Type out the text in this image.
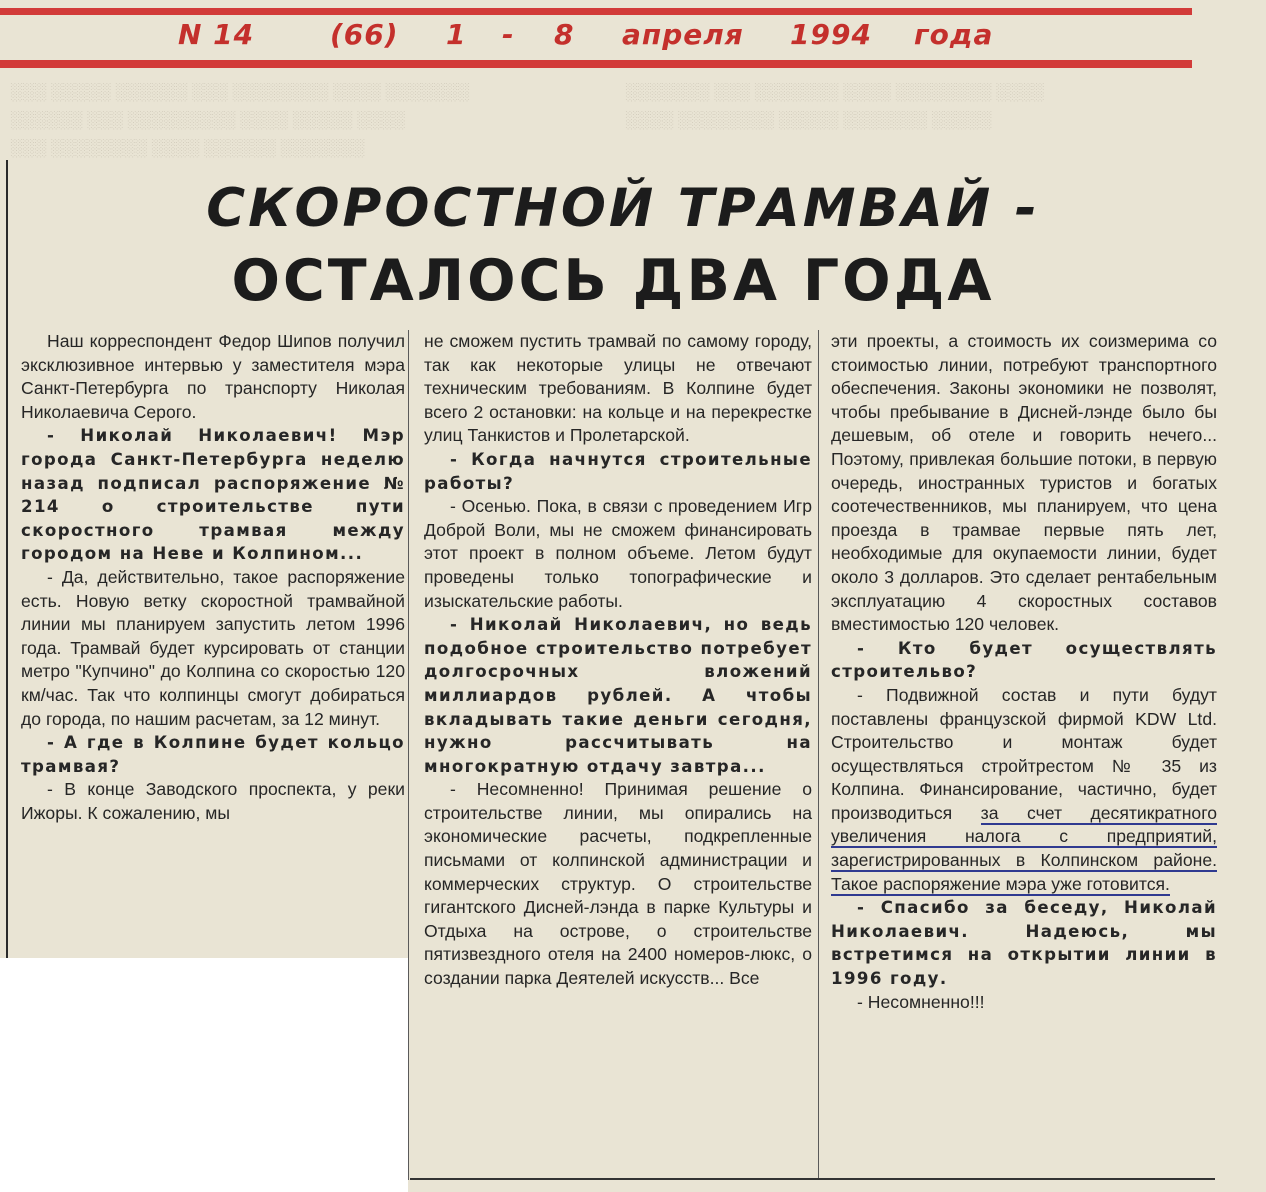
░░░ ░░░░░ ░░░░░░ ░░░ ░░░░░░░░ ░░░░ ░░░░░░░
░░░░░░ ░░░ ░░░░░░░░░ ░░░░ ░░░░░ ░░░░
░░░ ░░░░░░░░ ░░░░ ░░░░░░ ░░░░░░░
░░░░░░░ ░░░ ░░░░░░░ ░░░░ ░░░░░░░░ ░░░░
░░░░ ░░░░░░░░ ░░░░░ ░░░░░░░ ░░░░░
N 14	(66)	1	-	8	апреля	1994	года
СКОРОСТНОЙ ТРАМВАЙ -
ОСТАЛОСЬ ДВА ГОДА

Наш корреспондент Федор Шипов получил эксклюзивное интервью у заместителя мэра Санкт-Петербурга по транспорту Николая Николаевича Серого.

- Николай Николаевич! Мэр города Санкт-Петербурга неделю назад подписал распоряжение № 214 о строительстве пути скоростного трамвая между городом на Неве и Колпином...

- Да, действительно, такое распоряжение есть. Новую ветку скоростной трамвайной линии мы планируем запустить летом 1996 года. Трамвай будет курсировать от станции метро "Купчино" до Колпина со скоростью 120 км/час. Так что колпинцы смогут добираться до города, по нашим расчетам, за 12 минут.

- А где в Колпине будет кольцо трамвая?

- В конце Заводского проспекта, у реки Ижоры. К сожалению, мы

не сможем пустить трамвай по самому городу, так как некоторые улицы не отвечают техническим требованиям. В Колпине будет всего 2 остановки: на кольце и на перекрестке улиц Танкистов и Пролетарской.

- Когда начнутся строительные работы?

- Осенью. Пока, в связи с проведением Игр Доброй Воли, мы не сможем финансировать этот проект в полном объеме. Летом будут проведены только топографические и изыскательские работы.

- Николай Николаевич, но ведь подобное строительство потребует долгосрочных вложений миллиардов рублей. А чтобы вкладывать такие деньги сегодня, нужно рассчитывать на многократную отдачу завтра...

- Несомненно! Принимая решение о строительстве линии, мы опирались на экономические расчеты, подкрепленные письмами от колпинской администрации и коммерческих структур. О строительстве гигантского Дисней-лэнда в парке Культуры и Отдыха на острове, о строительстве пятизвездного отеля на 2400 номеров-люкс, о создании парка Деятелей искусств... Все

эти проекты, а стоимость их соизмерима со стоимостью линии, потребуют транспортного обеспечения. Законы экономики не позволят, чтобы пребывание в Дисней-лэнде было бы дешевым, об отеле и говорить нечего... Поэтому, привлекая большие потоки, в первую очередь, иностранных туристов и богатых соотечественников, мы планируем, что цена проезда в трамвае первые пять лет, необходимые для окупаемости линии, будет около 3 долларов. Это сделает рентабельным эксплуатацию 4 скоростных составов вместимостью 120 человек.

- Кто будет осуществлять строительво?

- Подвижной состав и пути будут поставлены французской фирмой KDW Ltd. Строительство и монтаж будет осуществляться стройтрестом № 35 из Колпина. Финансирование, частично, будет производиться за счет десятикратного увеличения налога с предприятий, зарегистрированных в Колпинском районе. Такое распоряжение мэра уже готовится.

- Спасибо за беседу, Николай Николаевич. Надеюсь, мы встретимся на открытии линии в 1996 году.

- Несомненно!!!
